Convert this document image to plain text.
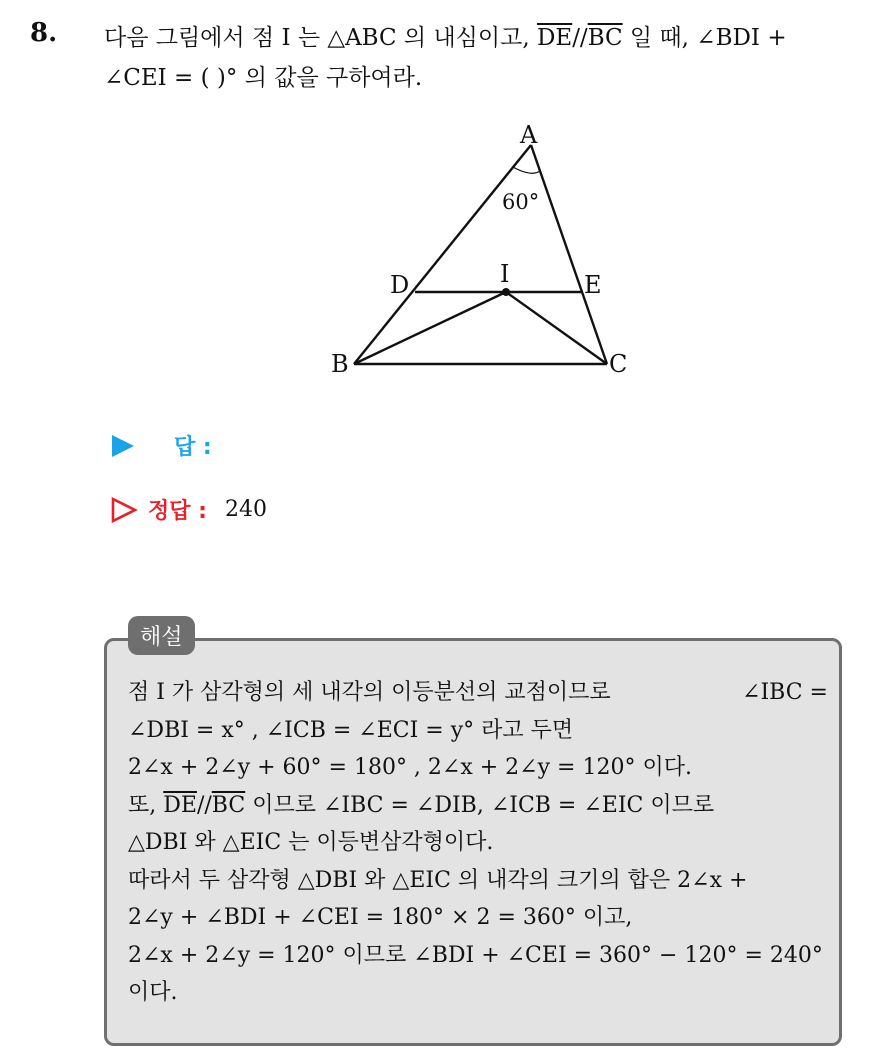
8. 다음 그림에서 점 I 는 △ABC 의 내심이고, $\overline{DE}//\overline{BC}$ 일 때, ∠BDI +
∠CEI = ( )° 의 값을 구하여라.
A
B	C
D	E
I
60°
답 :
정답 : 240
해설
점 I 가 삼각형의 세 내각의 이등분선의 교점이므로	∠IBC =
∠DBI = x° , ∠ICB = ∠ECI = y° 라고 두면
2∠x + 2∠y + 60° = 180° , 2∠x + 2∠y = 120° 이다.
또, $\overline{DE}//\overline{BC}$ 이므로 ∠IBC = ∠DIB, ∠ICB = ∠EIC 이므로
△DBI 와 △EIC 는 이등변삼각형이다.
따라서 두 삼각형 △DBI 와 △EIC 의 내각의 크기의 합은 2∠x +
2∠y + ∠BDI + ∠CEI = 180° × 2 = 360° 이고,
2∠x + 2∠y = 120° 이므로 ∠BDI + ∠CEI = 360° − 120° = 240°
이다.
